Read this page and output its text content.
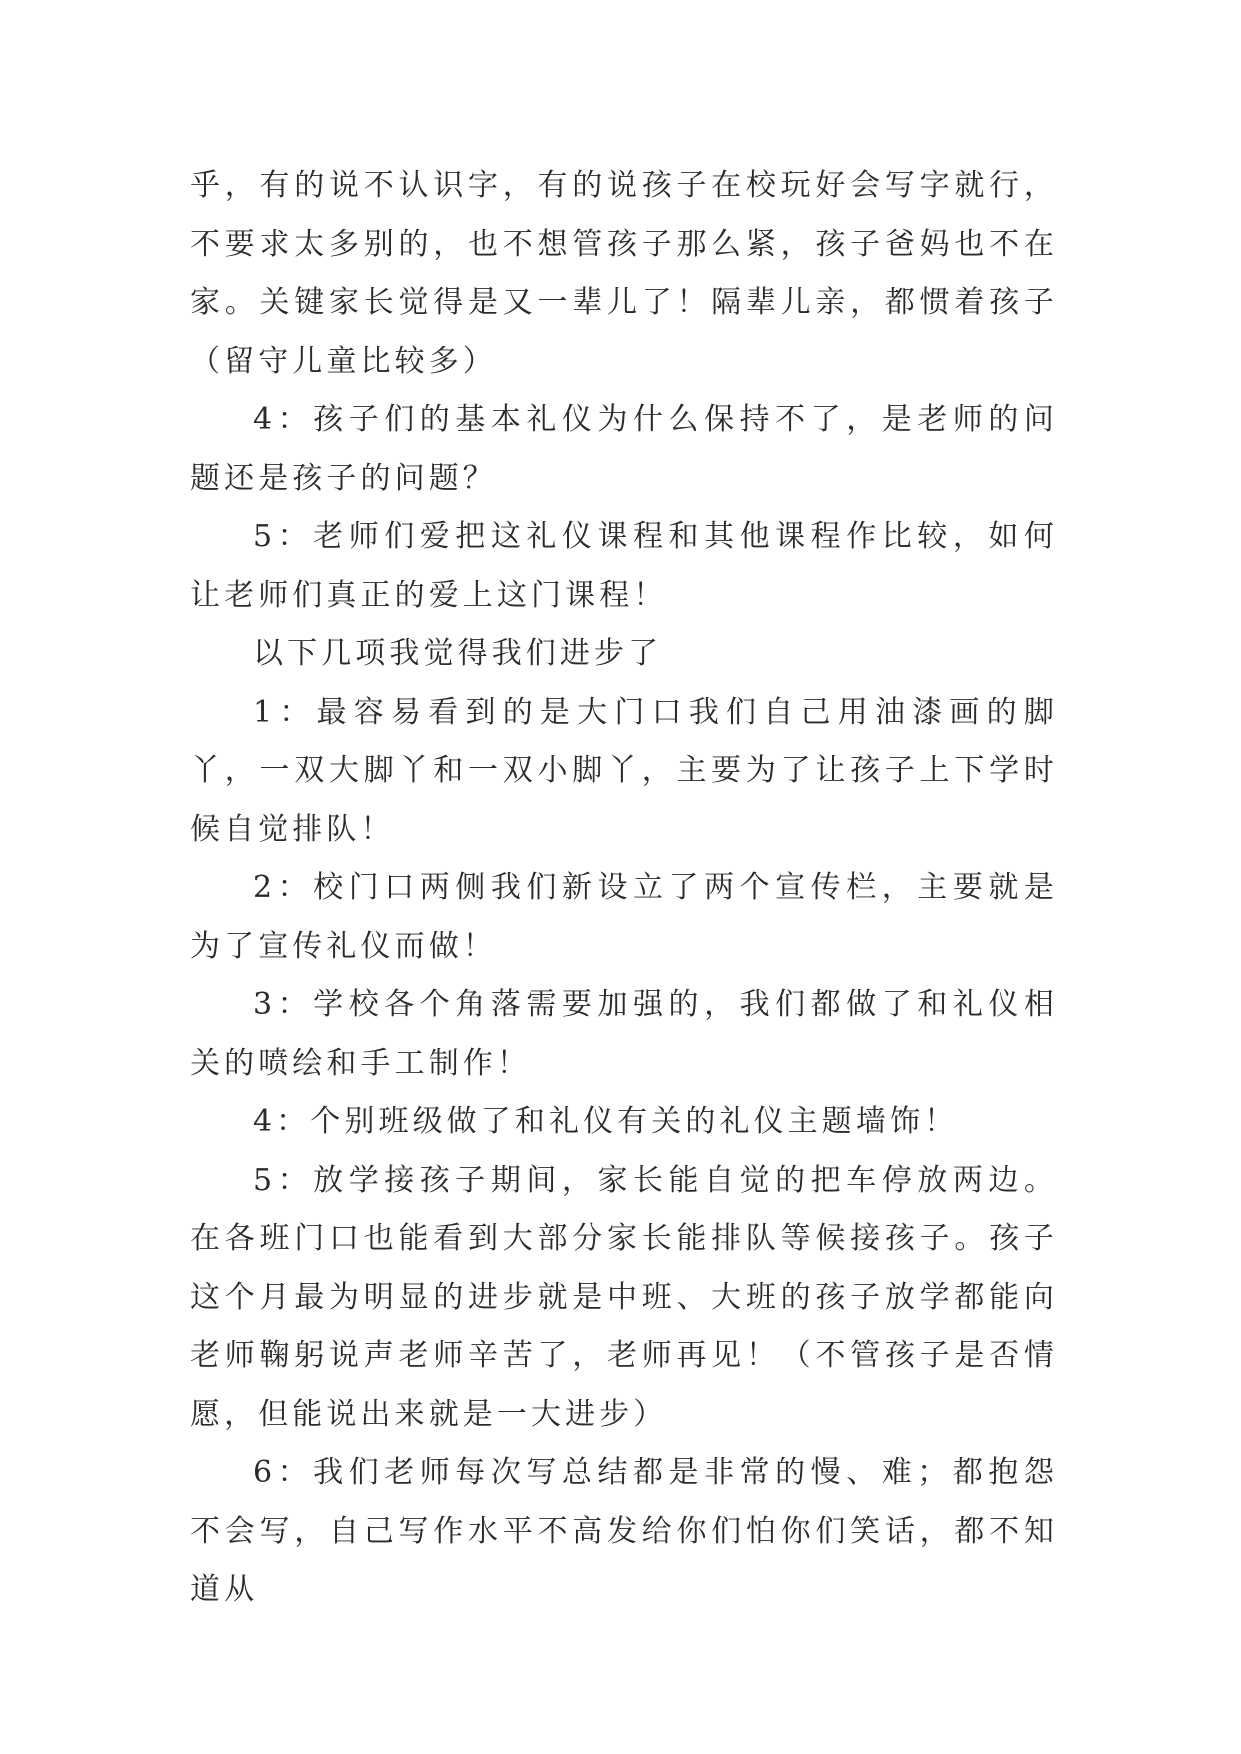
乎，有的说不认识字，有的说孩子在校玩好会写字就行，不要求太多别的，也不想管孩子那么紧，孩子爸妈也不在家。关键家长觉得是又一辈儿了！隔辈儿亲，都惯着孩子（留守儿童比较多）

4：孩子们的基本礼仪为什么保持不了，是老师的问题还是孩子的问题？

5：老师们爱把这礼仪课程和其他课程作比较，如何让老师们真正的爱上这门课程！

以下几项我觉得我们进步了

1：最容易看到的是大门口我们自己用油漆画的脚丫，一双大脚丫和一双小脚丫，主要为了让孩子上下学时候自觉排队！

2：校门口两侧我们新设立了两个宣传栏，主要就是为了宣传礼仪而做！

3：学校各个角落需要加强的，我们都做了和礼仪相关的喷绘和手工制作！

4：个别班级做了和礼仪有关的礼仪主题墙饰！

5：放学接孩子期间，家长能自觉的把车停放两边。在各班门口也能看到大部分家长能排队等候接孩子。孩子这个月最为明显的进步就是中班、大班的孩子放学都能向老师鞠躬说声老师辛苦了，老师再见！（不管孩子是否情愿，但能说出来就是一大进步）

6：我们老师每次写总结都是非常的慢、难；都抱怨不会写，自己写作水平不高发给你们怕你们笑话，都不知道从
